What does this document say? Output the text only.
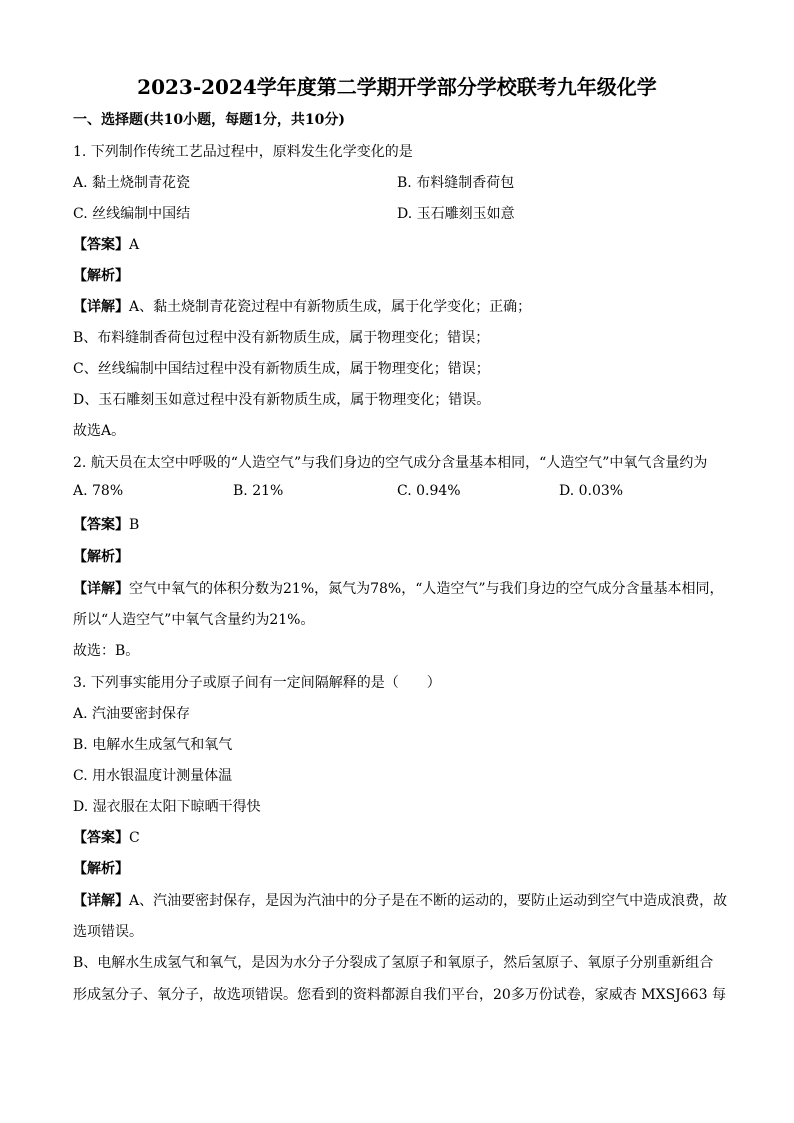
2023-2024学年度第二学期开学部分学校联考九年级化学
一、选择题(共10小题，每题1分，共10分)
1. 下列制作传统工艺品过程中，原料发生化学变化的是
A. 黏土烧制青花瓷	B. 布料缝制香荷包
C. 丝线编制中国结	D. 玉石雕刻玉如意
【答案】A
【解析】
【详解】A、黏土烧制青花瓷过程中有新物质生成，属于化学变化；正确；
B、布料缝制香荷包过程中没有新物质生成，属于物理变化；错误；
C、丝线编制中国结过程中没有新物质生成，属于物理变化；错误；
D、玉石雕刻玉如意过程中没有新物质生成，属于物理变化；错误。
故选A。
2. 航天员在太空中呼吸的“人造空气”与我们身边的空气成分含量基本相同，“人造空气”中氧气含量约为
A. 78%	B. 21%	C. 0.94%	D. 0.03%
【答案】B
【解析】
【详解】空气中氧气的体积分数为21%，氮气为78%，“人造空气”与我们身边的空气成分含量基本相同，
所以“人造空气”中氧气含量约为21%。
故选：B。
3. 下列事实能用分子或原子间有一定间隔解释的是（　　）
A. 汽油要密封保存
B. 电解水生成氢气和氧气
C. 用水银温度计测量体温
D. 湿衣服在太阳下晾晒干得快
【答案】C
【解析】
【详解】A、汽油要密封保存，是因为汽油中的分子是在不断的运动的，要防止运动到空气中造成浪费，故
选项错误。
B、电解水生成氢气和氧气，是因为水分子分裂成了氢原子和氧原子，然后氢原子、氧原子分别重新组合
形成氢分子、氧分子，故选项错误。您看到的资料都源自我们平台，20多万份试卷，家威杏 MXSJ663 每
